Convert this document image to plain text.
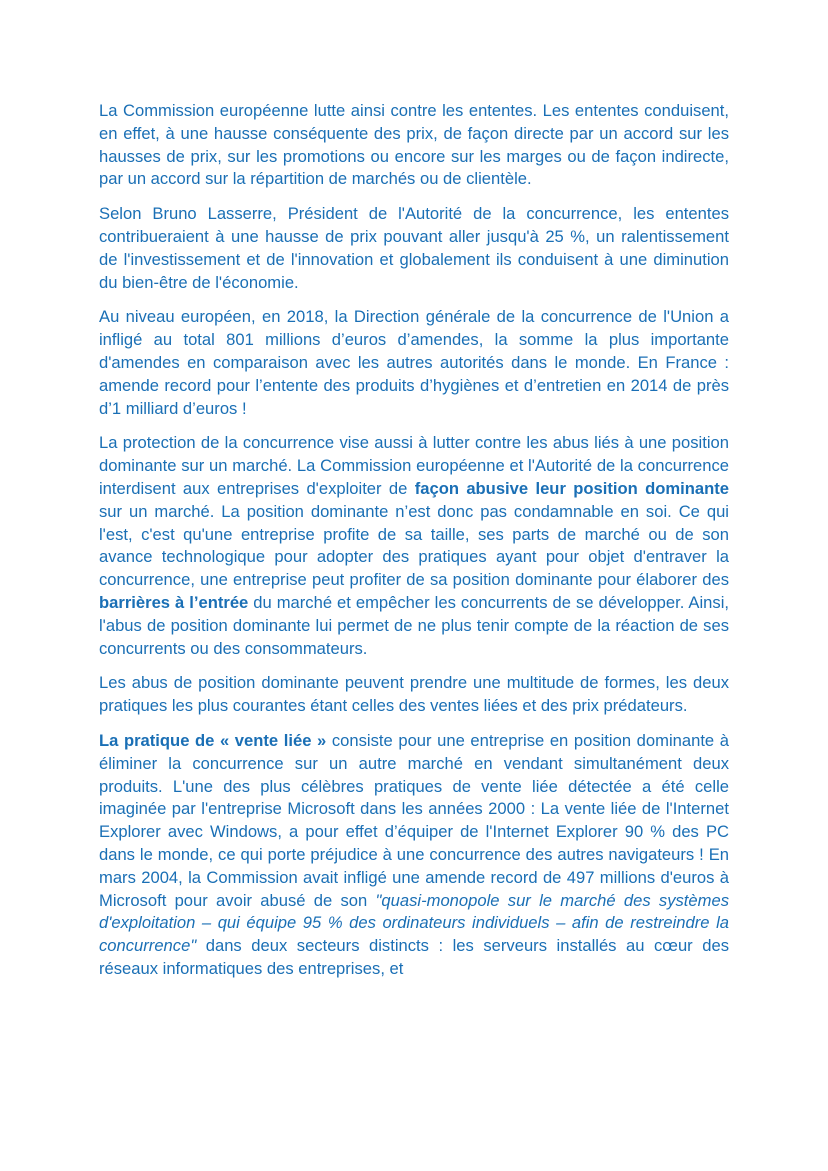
La Commission européenne lutte ainsi contre les ententes. Les ententes conduisent, en effet, à une hausse conséquente des prix, de façon directe par un accord sur les hausses de prix, sur les promotions ou encore sur les marges ou de façon indirecte, par un accord sur la répartition de marchés ou de clientèle.

Selon Bruno Lasserre, Président de l'Autorité de la concurrence, les ententes contribueraient à une hausse de prix pouvant aller jusqu'à 25 %, un ralentissement de l'investissement et de l'innovation et globalement ils conduisent à une diminution du bien-être de l'économie.

Au niveau européen, en 2018, la Direction générale de la concurrence de l'Union a infligé au total 801 millions d’euros d’amendes, la somme la plus importante d'amendes en comparaison avec les autres autorités dans le monde. En France : amende record pour l’entente des produits d’hygiènes et d’entretien en 2014 de près d’1 milliard d’euros !

La protection de la concurrence vise aussi à lutter contre les abus liés à une position dominante sur un marché. La Commission européenne et l'Autorité de la concurrence interdisent aux entreprises d'exploiter de façon abusive leur position dominante sur un marché. La position dominante n’est donc pas condamnable en soi. Ce qui l'est, c'est qu'une entreprise profite de sa taille, ses parts de marché ou de son avance technologique pour adopter des pratiques ayant pour objet d'entraver la concurrence, une entreprise peut profiter de sa position dominante pour élaborer des barrières à l’entrée du marché et empêcher les concurrents de se développer. Ainsi, l'abus de position dominante lui permet de ne plus tenir compte de la réaction de ses concurrents ou des consommateurs.

Les abus de position dominante peuvent prendre une multitude de formes, les deux pratiques les plus courantes étant celles des ventes liées et des prix prédateurs.

La pratique de « vente liée » consiste pour une entreprise en position dominante à éliminer la concurrence sur un autre marché en vendant simultanément deux produits. L'une des plus célèbres pratiques de vente liée détectée a été celle imaginée par l'entreprise Microsoft dans les années 2000 : La vente liée de l'Internet Explorer avec Windows, a pour effet d’équiper de l'Internet Explorer 90 % des PC dans le monde, ce qui porte préjudice à une concurrence des autres navigateurs ! En mars 2004, la Commission avait infligé une amende record de 497 millions d'euros à Microsoft pour avoir abusé de son "quasi-monopole sur le marché des systèmes d'exploitation – qui équipe 95 % des ordinateurs individuels – afin de restreindre la concurrence" dans deux secteurs distincts : les serveurs installés au cœur des réseaux informatiques des entreprises, et
